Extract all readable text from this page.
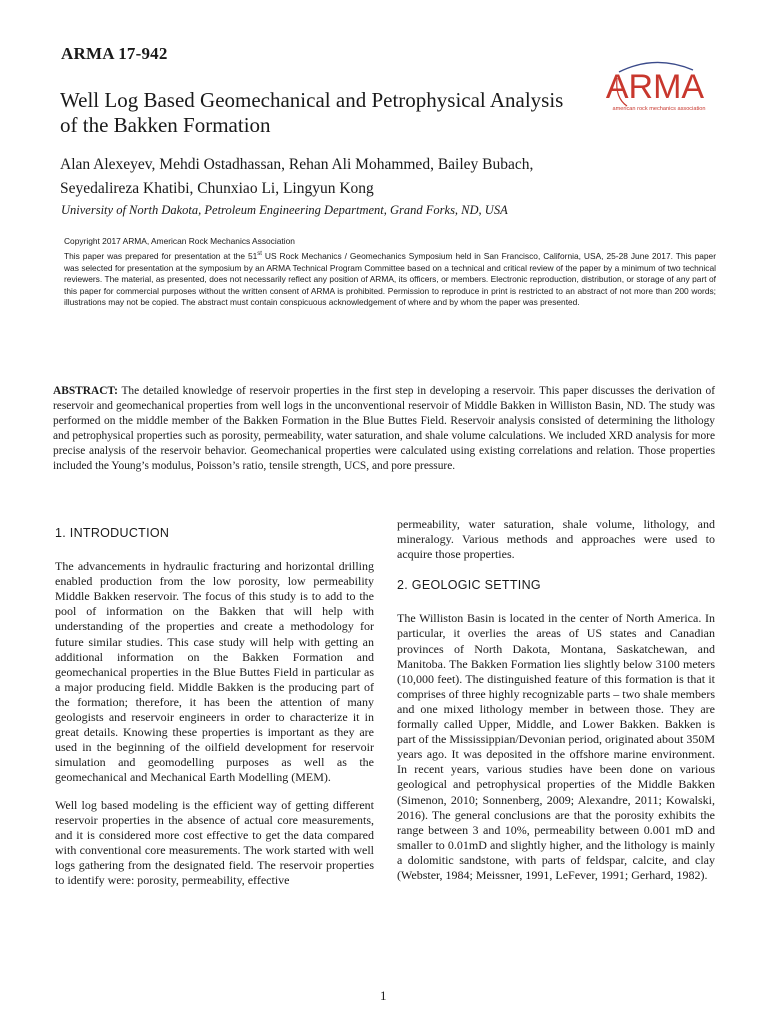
ARMA 17-942
ARMA
american rock mechanics association
Well Log Based Geomechanical and Petrophysical Analysis of the Bakken Formation
Alan Alexeyev, Mehdi Ostadhassan, Rehan Ali Mohammed, Bailey Bubach,
Seyedalireza Khatibi, Chunxiao Li, Lingyun Kong
University of North Dakota, Petroleum Engineering Department, Grand Forks, ND, USA

Copyright 2017 ARMA, American Rock Mechanics Association

This paper was prepared for presentation at the 51st US Rock Mechanics / Geomechanics Symposium held in San Francisco, California, USA, 25-28 June 2017. This paper was selected for presentation at the symposium by an ARMA Technical Program Committee based on a technical and critical review of the paper by a minimum of two technical reviewers. The material, as presented, does not necessarily reflect any position of ARMA, its officers, or members. Electronic reproduction, distribution, or storage of any part of this paper for commercial purposes without the written consent of ARMA is prohibited. Permission to reproduce in print is restricted to an abstract of not more than 200 words; illustrations may not be copied. The abstract must contain conspicuous acknowledgement of where and by whom the paper was presented.

ABSTRACT: The detailed knowledge of reservoir properties in the first step in developing a reservoir. This paper discusses the derivation of reservoir and geomechanical properties from well logs in the unconventional reservoir of Middle Bakken in Williston Basin, ND. The study was performed on the middle member of the Bakken Formation in the Blue Buttes Field. Reservoir analysis consisted of determining the lithology and petrophysical properties such as porosity, permeability, water saturation, and shale volume calculations. We included XRD analysis for more precise analysis of the reservoir behavior. Geomechanical properties were calculated using existing correlations and relation. Those properties included the Young’s modulus, Poisson’s ratio, tensile strength, UCS, and pore pressure.
1. INTRODUCTION

The advancements in hydraulic fracturing and horizontal drilling enabled production from the low porosity, low permeability Middle Bakken reservoir. The focus of this study is to add to the pool of information on the Bakken that will help with understanding of the properties and create a methodology for future similar studies. This case study will help with getting an additional information on the Bakken Formation and geomechanical properties in the Blue Buttes Field in particular as a major producing field. Middle Bakken is the producing part of the formation; therefore, it has been the attention of many geologists and reservoir engineers in order to characterize it in great details. Knowing these properties is important as they are used in the beginning of the oilfield development for reservoir simulation and geomodelling purposes as well as the geomechanical and Mechanical Earth Modelling (MEM).

Well log based modeling is the efficient way of getting different reservoir properties in the absence of actual core measurements, and it is considered more cost effective to get the data compared with conventional core measurements. The work started with well logs gathering from the designated field. The reservoir properties to identify were: porosity, permeability, effective

permeability, water saturation, shale volume, lithology, and mineralogy. Various methods and approaches were used to acquire those properties.

2. GEOLOGIC SETTING

The Williston Basin is located in the center of North America. In particular, it overlies the areas of US states and Canadian provinces of North Dakota, Montana, Saskatchewan, and Manitoba. The Bakken Formation lies slightly below 3100 meters (10,000 feet). The distinguished feature of this formation is that it comprises of three highly recognizable parts – two shale members and one mixed lithology member in between those. They are formally called Upper, Middle, and Lower Bakken. Bakken is part of the Mississippian/Devonian period, originated about 350M years ago. It was deposited in the offshore marine environment. In recent years, various studies have been done on various geological and petrophysical properties of the Middle Bakken (Simenon, 2010; Sonnenberg, 2009; Alexandre, 2011; Kowalski, 2016). The general conclusions are that the porosity exhibits the range between 3 and 10%, permeability between 0.001 mD and smaller to 0.01mD and slightly higher, and the lithology is mainly a dolomitic sandstone, with parts of feldspar, calcite, and clay (Webster, 1984; Meissner, 1991, LeFever, 1991; Gerhard, 1982).

1
